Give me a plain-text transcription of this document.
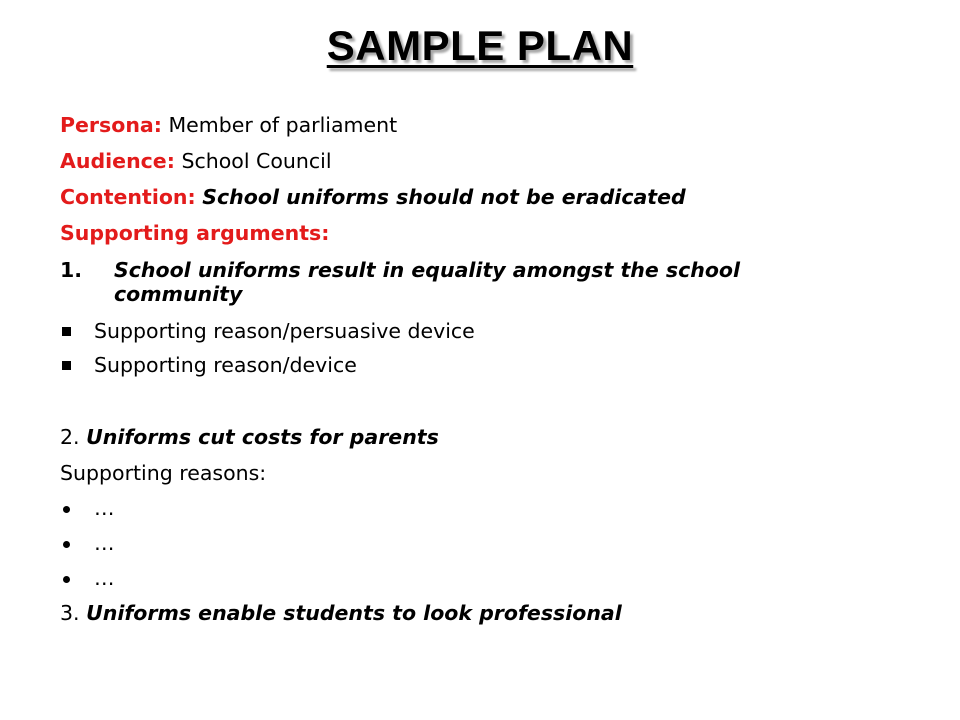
SAMPLE PLAN
Persona: Member of parliament
Audience: School Council
Contention: School uniforms should not be eradicated
Supporting arguments:
1. School uniforms result in equality amongst the school community
Supporting reason/persuasive device
Supporting reason/device
2. Uniforms cut costs for parents
Supporting reasons:
…
…
…
3. Uniforms enable students to look professional
